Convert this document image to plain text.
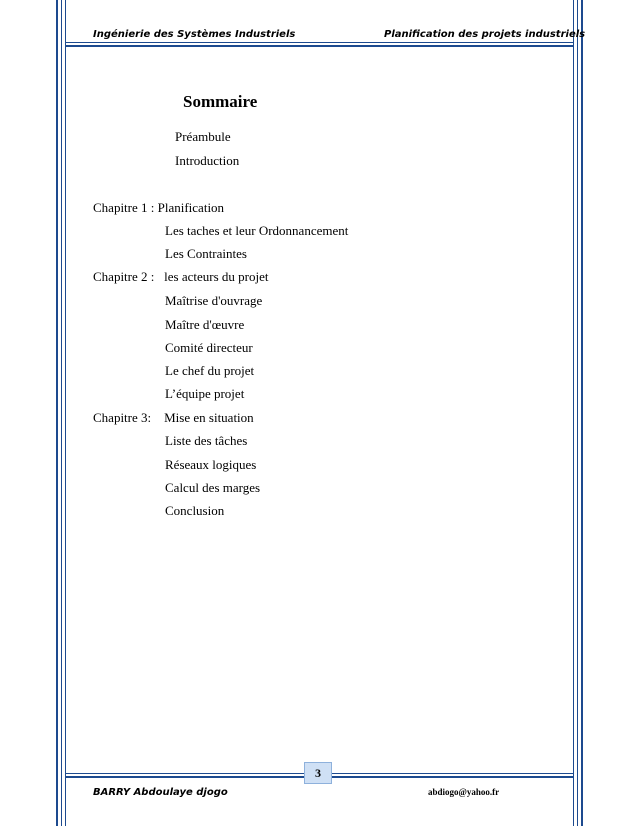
Ingénierie des Systèmes Industriels	Planification des projets industriels
Sommaire
Préambule
Introduction
Chapitre 1 : Planification
Les taches et leur Ordonnancement
Les Contraintes
Chapitre 2 :   les acteurs du projet
Maîtrise d'ouvrage
Maître d'œuvre
Comité directeur
Le chef du projet
L’équipe projet
Chapitre 3:    Mise en situation
Liste des tâches
Réseaux logiques
Calcul des marges
Conclusion
3
BARRY Abdoulaye djogo	abdiogo@yahoo.fr
